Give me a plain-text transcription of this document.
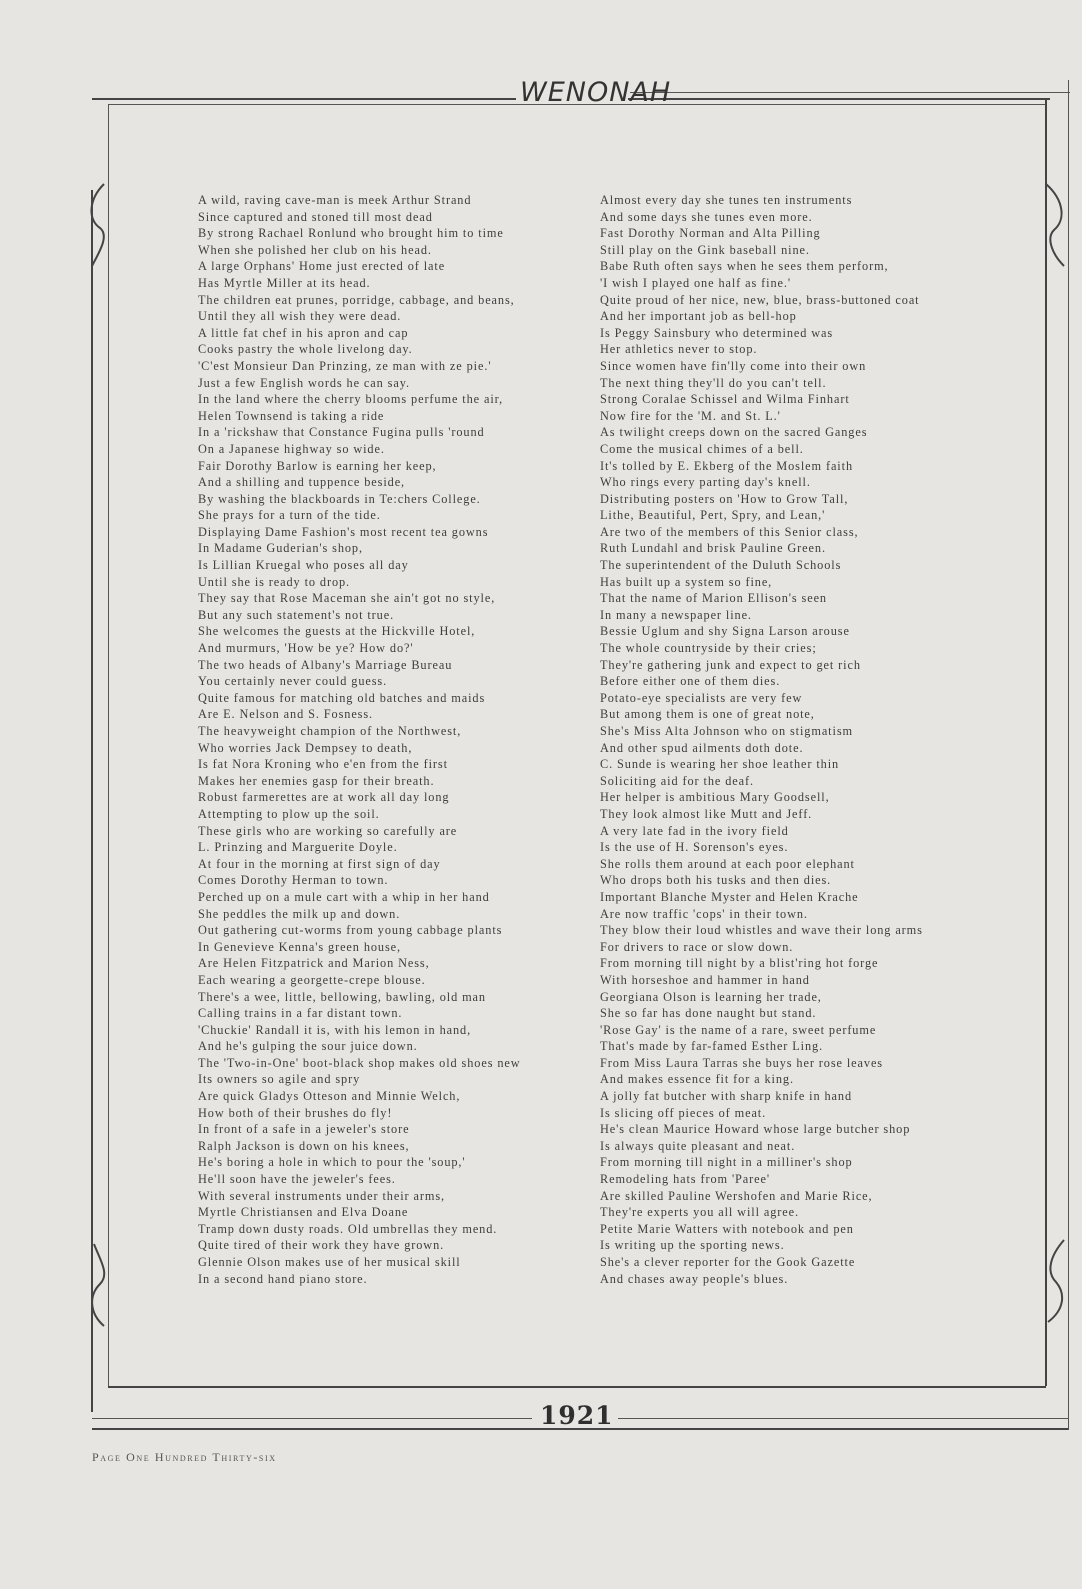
WENONAH
1921
A wild, raving cave-man is meek Arthur Strand
Since captured and stoned till most dead
By strong Rachael Ronlund who brought him to time
When she polished her club on his head.
A large Orphans' Home just erected of late
Has Myrtle Miller at its head.
The children eat prunes, porridge, cabbage, and beans,
Until they all wish they were dead.
A little fat chef in his apron and cap
Cooks pastry the whole livelong day.
'C'est Monsieur Dan Prinzing, ze man with ze pie.'
Just a few English words he can say.
In the land where the cherry blooms perfume the air,
Helen Townsend is taking a ride
In a 'rickshaw that Constance Fugina pulls 'round
On a Japanese highway so wide.
Fair Dorothy Barlow is earning her keep,
And a shilling and tuppence beside,
By washing the blackboards in Te:chers College.
She prays for a turn of the tide.
Displaying Dame Fashion's most recent tea gowns
In Madame Guderian's shop,
Is Lillian Kruegal who poses all day
Until she is ready to drop.
They say that Rose Maceman she ain't got no style,
But any such statement's not true.
She welcomes the guests at the Hickville Hotel,
And murmurs, 'How be ye? How do?'
The two heads of Albany's Marriage Bureau
You certainly never could guess.
Quite famous for matching old batches and maids
Are E. Nelson and S. Fosness.
The heavyweight champion of the Northwest,
Who worries Jack Dempsey to death,
Is fat Nora Kroning who e'en from the first
Makes her enemies gasp for their breath.
Robust farmerettes are at work all day long
Attempting to plow up the soil.
These girls who are working so carefully are
L. Prinzing and Marguerite Doyle.
At four in the morning at first sign of day
Comes Dorothy Herman to town.
Perched up on a mule cart with a whip in her hand
She peddles the milk up and down.
Out gathering cut-worms from young cabbage plants
In Genevieve Kenna's green house,
Are Helen Fitzpatrick and Marion Ness,
Each wearing a georgette-crepe blouse.
There's a wee, little, bellowing, bawling, old man
Calling trains in a far distant town.
'Chuckie' Randall it is, with his lemon in hand,
And he's gulping the sour juice down.
The 'Two-in-One' boot-black shop makes old shoes new
Its owners so agile and spry
Are quick Gladys Otteson and Minnie Welch,
How both of their brushes do fly!
In front of a safe in a jeweler's store
Ralph Jackson is down on his knees,
He's boring a hole in which to pour the 'soup,'
He'll soon have the jeweler's fees.
With several instruments under their arms,
Myrtle Christiansen and Elva Doane
Tramp down dusty roads. Old umbrellas they mend.
Quite tired of their work they have grown.
Glennie Olson makes use of her musical skill
In a second hand piano store.
Almost every day she tunes ten instruments
And some days she tunes even more.
Fast Dorothy Norman and Alta Pilling
Still play on the Gink baseball nine.
Babe Ruth often says when he sees them perform,
'I wish I played one half as fine.'
Quite proud of her nice, new, blue, brass-buttoned coat
And her important job as bell-hop
Is Peggy Sainsbury who determined was
Her athletics never to stop.
Since women have fin'lly come into their own
The next thing they'll do you can't tell.
Strong Coralae Schissel and Wilma Finhart
Now fire for the 'M. and St. L.'
As twilight creeps down on the sacred Ganges
Come the musical chimes of a bell.
It's tolled by E. Ekberg of the Moslem faith
Who rings every parting day's knell.
Distributing posters on 'How to Grow Tall,
Lithe, Beautiful, Pert, Spry, and Lean,'
Are two of the members of this Senior class,
Ruth Lundahl and brisk Pauline Green.
The superintendent of the Duluth Schools
Has built up a system so fine,
That the name of Marion Ellison's seen
In many a newspaper line.
Bessie Uglum and shy Signa Larson arouse
The whole countryside by their cries;
They're gathering junk and expect to get rich
Before either one of them dies.
Potato-eye specialists are very few
But among them is one of great note,
She's Miss Alta Johnson who on stigmatism
And other spud ailments doth dote.
C. Sunde is wearing her shoe leather thin
Soliciting aid for the deaf.
Her helper is ambitious Mary Goodsell,
They look almost like Mutt and Jeff.
A very late fad in the ivory field
Is the use of H. Sorenson's eyes.
She rolls them around at each poor elephant
Who drops both his tusks and then dies.
Important Blanche Myster and Helen Krache
Are now traffic 'cops' in their town.
They blow their loud whistles and wave their long arms
For drivers to race or slow down.
From morning till night by a blist'ring hot forge
With horseshoe and hammer in hand
Georgiana Olson is learning her trade,
She so far has done naught but stand.
'Rose Gay' is the name of a rare, sweet perfume
That's made by far-famed Esther Ling.
From Miss Laura Tarras she buys her rose leaves
And makes essence fit for a king.
A jolly fat butcher with sharp knife in hand
Is slicing off pieces of meat.
He's clean Maurice Howard whose large butcher shop
Is always quite pleasant and neat.
From morning till night in a milliner's shop
Remodeling hats from 'Paree'
Are skilled Pauline Wershofen and Marie Rice,
They're experts you all will agree.
Petite Marie Watters with notebook and pen
Is writing up the sporting news.
She's a clever reporter for the Gook Gazette
And chases away people's blues.
Page One Hundred Thirty-six
